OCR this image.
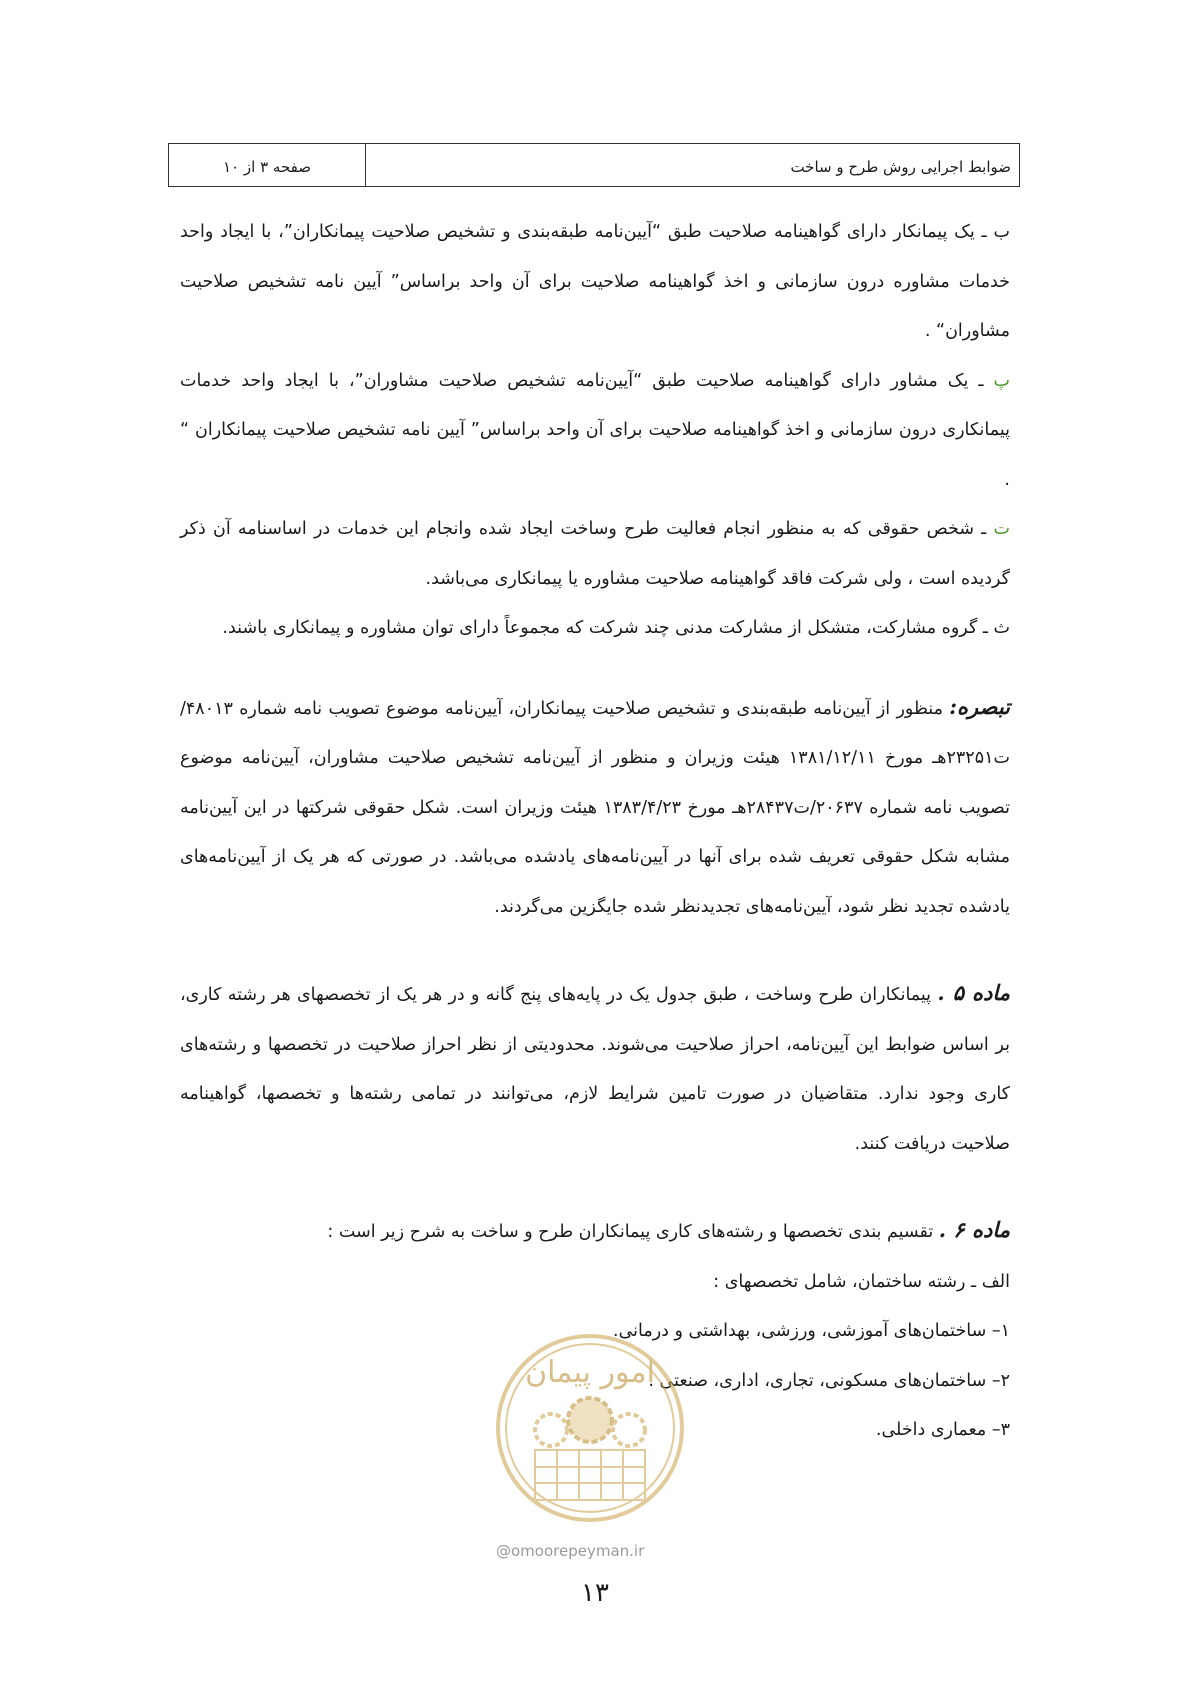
صفحه ۳ از ۱۰	ضوابط اجرایی روش طرح و ساخت

ب ـ یک پیمانکار دارای گواهینامه صلاحیت طبق “آیین‌نامه طبقه‌بندی و تشخیص صلاحیت پیمانکاران”، با ایجاد واحد خدمات مشاوره درون سازمانی و اخذ گواهینامه صلاحیت برای آن واحد براساس” آیین نامه تشخیص صلاحیت مشاوران“ .

پ ـ یک مشاور دارای گواهینامه صلاحیت طبق “آیین‌نامه تشخیص صلاحیت مشاوران”، با ایجاد واحد خدمات پیمانکاری درون سازمانی و اخذ گواهینامه صلاحیت برای آن واحد براساس” آیین نامه تشخیص صلاحیت پیمانکاران “ .

ت ـ شخص حقوقی که به منظور انجام فعالیت طرح وساخت ایجاد شده وانجام این خدمات در اساسنامه آن ذکر گردیده است ، ولی شرکت فاقد گواهینامه صلاحیت مشاوره یا پیمانکاری می‌باشد.

ث ـ گروه مشارکت، متشکل از مشارکت مدنی چند شرکت که مجموعاً دارای توان مشاوره و پیمانکاری باشند.

تبصره: منظور از آیین‌نامه طبقه‌بندی و تشخیص صلاحیت پیمانکاران، آیین‌نامه موضوع تصویب نامه شماره ۴۸۰۱۳/ت۲۳۲۵۱هـ مورخ ۱۳۸۱/۱۲/۱۱ هیئت وزیران و منظور از آیین‌نامه تشخیص صلاحیت مشاوران، آیین‌نامه موضوع تصویب نامه شماره ۲۰۶۳۷/ت۲۸۴۳۷هـ مورخ ۱۳۸۳/۴/۲۳ هیئت وزیران است. شکل حقوقی شرکتها در این آیین‌نامه مشابه شکل حقوقی تعریف شده برای آنها در آیین‌نامه‌های یادشده می‌باشد. در صورتی که هر یک از آیین‌نامه‌های یادشده تجدید نظر شود، آیین‌نامه‌های تجدیدنظر شده جایگزین می‌گردند.

ماده ۵ . پیمانکاران طرح وساخت ، طبق جدول یک در پایه‌های پنج گانه و در هر یک از تخصصهای هر رشته کاری، بر اساس ضوابط این آیین‌نامه، احراز صلاحیت می‌شوند. محدودیتی از نظر احراز صلاحیت در تخصصها و رشته‌های کاری وجود ندارد. متقاضیان در صورت تامین شرایط لازم، می‌توانند در تمامی رشته‌ها و تخصصها، گواهینامه صلاحیت دریافت کنند.

ماده ۶ . تقسیم بندی تخصصها و رشته‌های کاری پیمانکاران طرح و ساخت به شرح زیر است :

الف ـ رشته ساختمان، شامل تخصصهای :

۱– ساختمان‌های آموزشی، ورزشی، بهداشتی و درمانی.

۲– ساختمان‌های مسکونی، تجاری، اداری، صنعتی .

۳– معماری داخلی.

امور پیمان
@omoorepeyman.ir
۱۳
